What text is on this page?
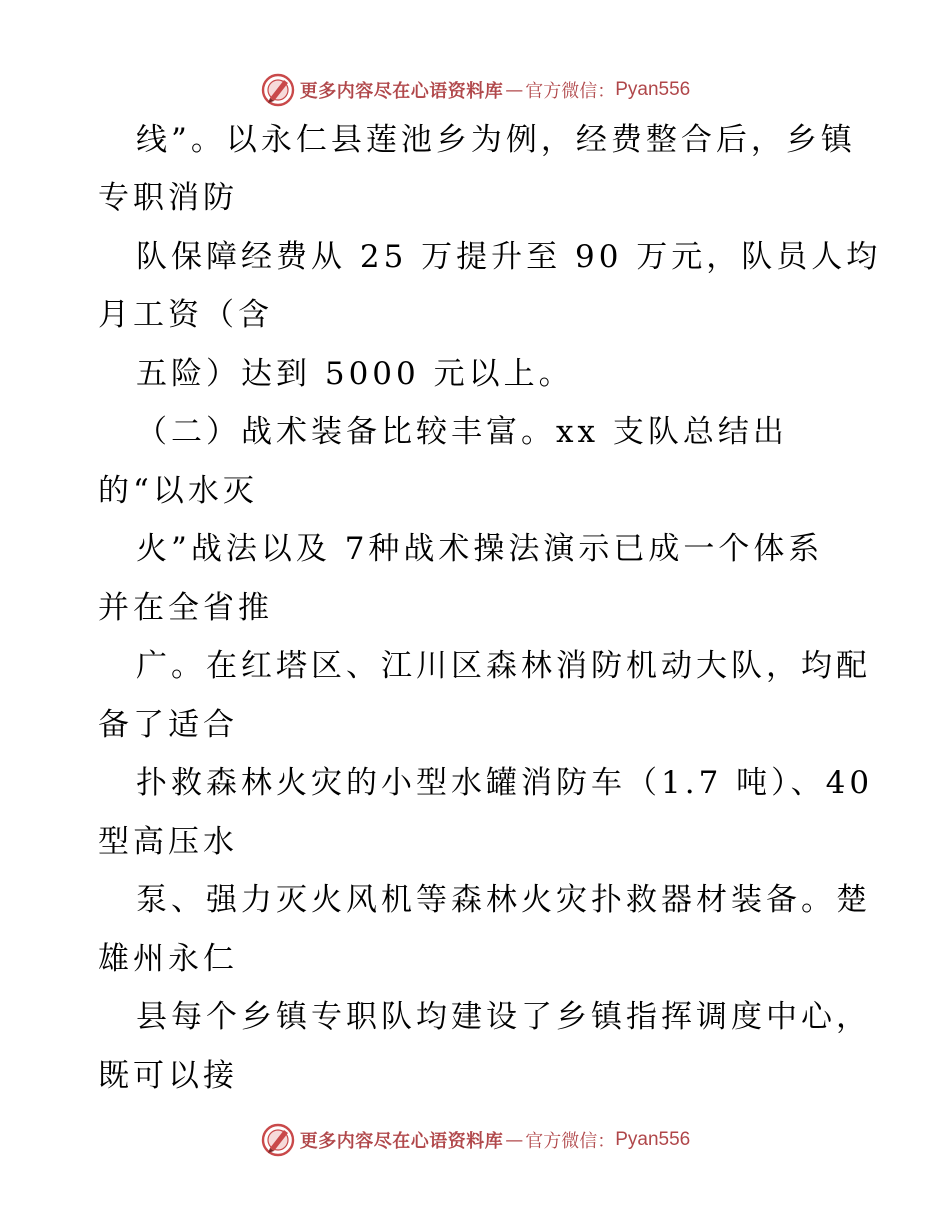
更多内容尽在心语资料库 — 官方微信： Pyan556
线”。以永仁县莲池乡为例，经费整合后，乡镇
专职消防
队保障经费从 25 万提升至 90 万元，队员人均
月工资（含
五险）达到 5000 元以上。
（二）战术装备比较丰富。xx 支队总结出
的“以水灭
火”战法以及 7种战术操法演示已成一个体系
并在全省推
广。在红塔区、江川区森林消防机动大队，均配
备了适合
扑救森林火灾的小型水罐消防车（1.7 吨）、40
型高压水
泵、强力灭火风机等森林火灾扑救器材装备。楚
雄州永仁
县每个乡镇专职队均建设了乡镇指挥调度中心，
既可以接
更多内容尽在心语资料库 — 官方微信： Pyan556
